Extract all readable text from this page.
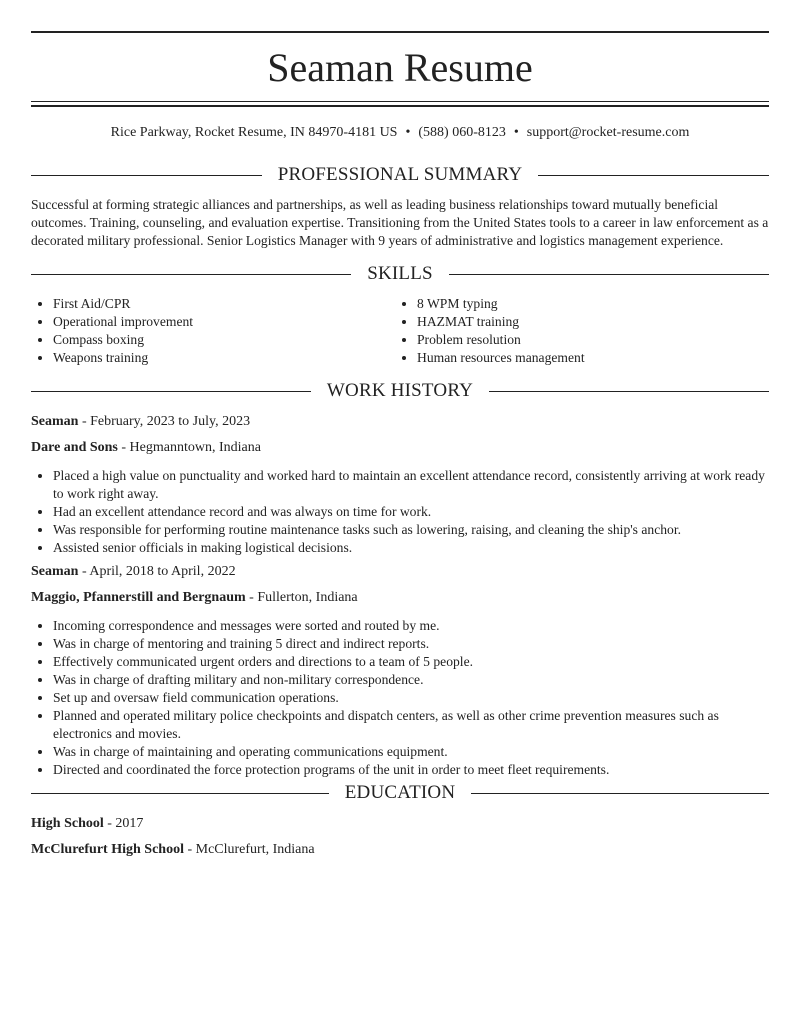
Seaman Resume
Rice Parkway, Rocket Resume, IN 84970-4181 US • (588) 060-8123 • support@rocket-resume.com
PROFESSIONAL SUMMARY
Successful at forming strategic alliances and partnerships, as well as leading business relationships toward mutually beneficial outcomes. Training, counseling, and evaluation expertise. Transitioning from the United States tools to a career in law enforcement as a decorated military professional. Senior Logistics Manager with 9 years of administrative and logistics management experience.
SKILLS
• First Aid/CPR
• Operational improvement
• Compass boxing
• Weapons training
• 8 WPM typing
• HAZMAT training
• Problem resolution
• Human resources management
WORK HISTORY
Seaman - February, 2023 to July, 2023
Dare and Sons - Hegmanntown, Indiana
• Placed a high value on punctuality and worked hard to maintain an excellent attendance record, consistently arriving at work ready to work right away.
• Had an excellent attendance record and was always on time for work.
• Was responsible for performing routine maintenance tasks such as lowering, raising, and cleaning the ship's anchor.
• Assisted senior officials in making logistical decisions.
Seaman - April, 2018 to April, 2022
Maggio, Pfannerstill and Bergnaum - Fullerton, Indiana
• Incoming correspondence and messages were sorted and routed by me.
• Was in charge of mentoring and training 5 direct and indirect reports.
• Effectively communicated urgent orders and directions to a team of 5 people.
• Was in charge of drafting military and non-military correspondence.
• Set up and oversaw field communication operations.
• Planned and operated military police checkpoints and dispatch centers, as well as other crime prevention measures such as electronics and movies.
• Was in charge of maintaining and operating communications equipment.
• Directed and coordinated the force protection programs of the unit in order to meet fleet requirements.
EDUCATION
High School - 2017
McClurefurt High School - McClurefurt, Indiana
